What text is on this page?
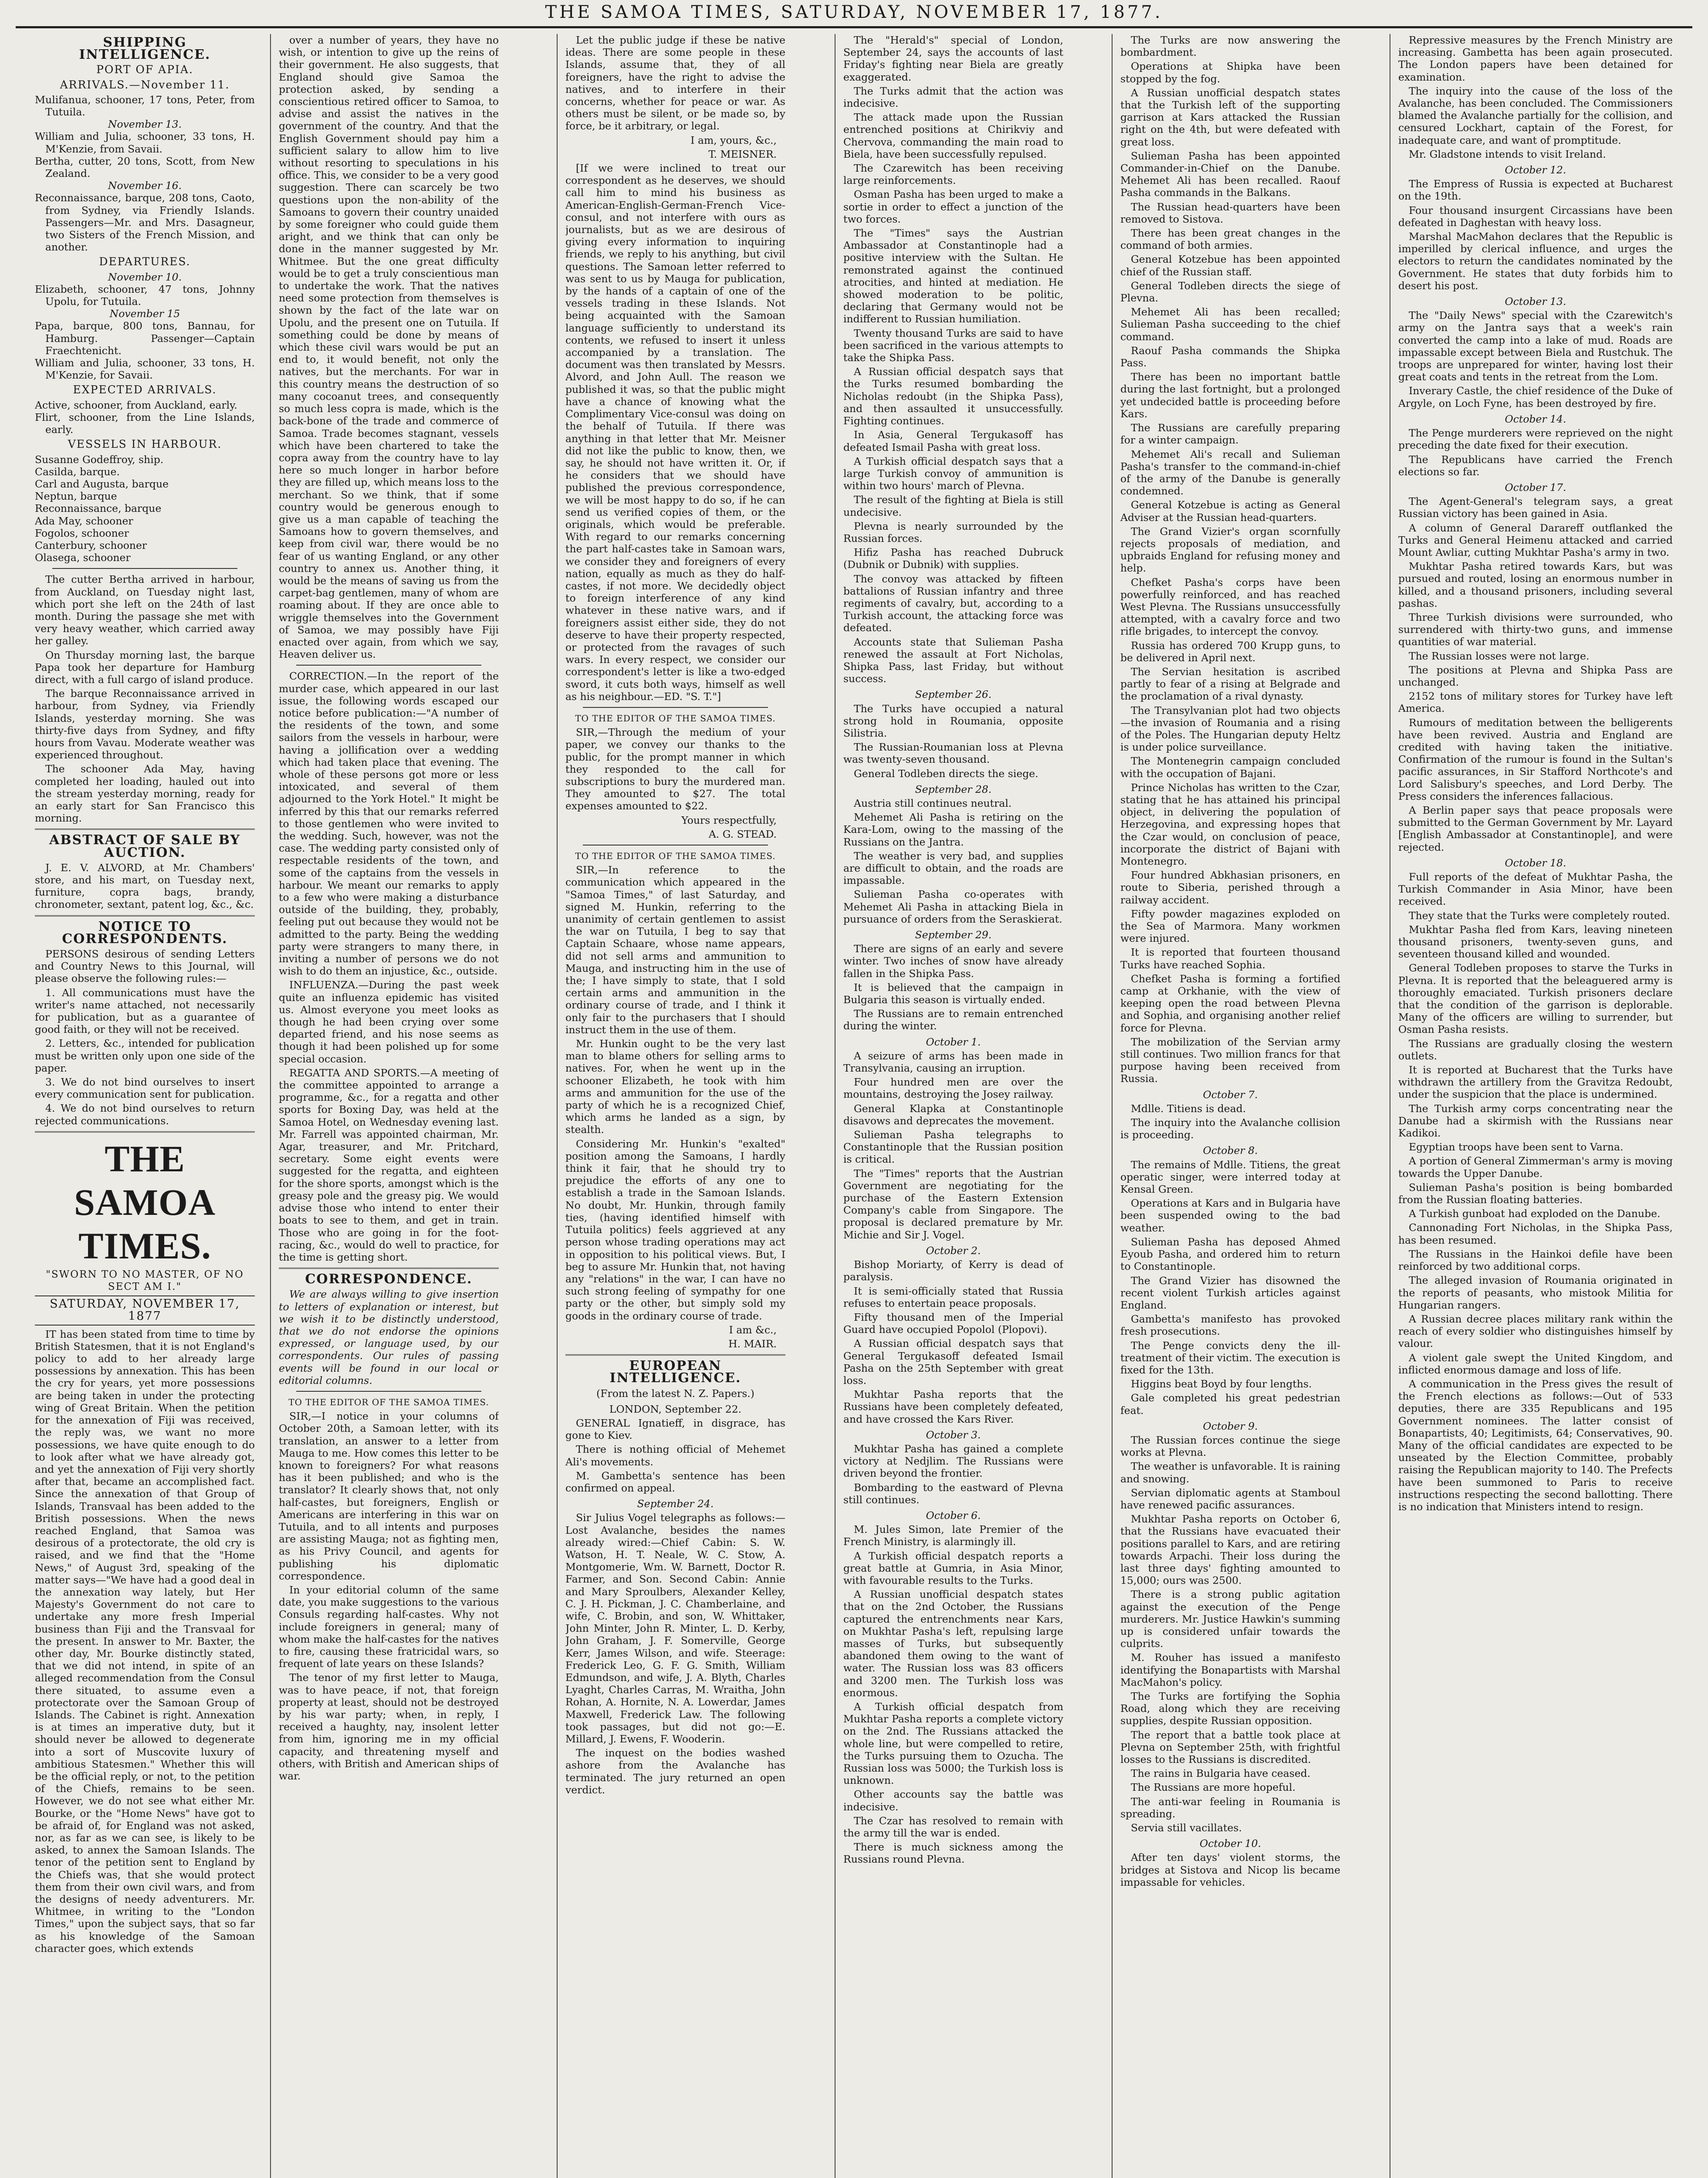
THE SAMOA TIMES, SATURDAY, NOVEMBER 17, 1877.
SHIPPING INTELLIGENCE.
PORT OF APIA.
ARRIVALS.—November 11.
Mulifanua, schooner, 17 tons, Peter, from Tutuila.
November 13.
William and Julia, schooner, 33 tons, H. M'Kenzie, from Savaii.
Bertha, cutter, 20 tons, Scott, from New Zealand.
November 16.
Reconnaissance, barque, 208 tons, Caoto, from Sydney, via Friendly Islands. Passengers—Mr. and Mrs. Dasagneur, two Sisters of the French Mission, and another.
DEPARTURES.
November 10.
Elizabeth, schooner, 47 tons, Johnny Upolu, for Tutuila.
November 15
Papa, barque, 800 tons, Bannau, for Hamburg. Passenger—Captain Fraechtenicht.
William and Julia, schooner, 33 tons, H. M'Kenzie, for Savaii.
EXPECTED ARRIVALS.
Active, schooner, from Auckland, early.
Flirt, schooner, from the Line Islands, early.
VESSELS IN HARBOUR.
Susanne Godeffroy, ship.
Casilda, barque.
Carl and Augusta, barque
Neptun, barque
Reconnaissance, barque
Ada May, schooner
Fogolos, schooner
Canterbury, schooner
Olasega, schooner

The cutter Bertha arrived in harbour, from Auckland, on Tuesday night last, which port she left on the 24th of last month. During the passage she met with very heavy weather, which carried away her galley.

On Thursday morning last, the barque Papa took her departure for Hamburg direct, with a full cargo of island produce.

The barque Reconnaissance arrived in harbour, from Sydney, via Friendly Islands, yesterday morning. She was thirty-five days from Sydney, and fifty hours from Vavau. Moderate weather was experienced throughout.

The schooner Ada May, having completed her loading, hauled out into the stream yesterday morning, ready for an early start for San Francisco this morning.

ABSTRACT OF SALE BY AUCTION.

J. E. V. ALVORD, at Mr. Chambers' store, and his mart, on Tuesday next, furniture, copra bags, brandy, chronometer, sextant, patent log, &c., &c.

NOTICE TO CORRESPONDENTS.

PERSONS desirous of sending Letters and Country News to this Journal, will please observe the following rules:—

1. All communications must have the writer's name attached, not necessarily for publication, but as a guarantee of good faith, or they will not be received.

2. Letters, &c., intended for publication must be written only upon one side of the paper.

3. We do not bind ourselves to insert every communication sent for publication.

4. We do not bind ourselves to return rejected communications.

THE SAMOA TIMES.
"SWORN TO NO MASTER, OF NO SECT AM I."
SATURDAY, NOVEMBER 17, 1877

IT has been stated from time to time by British Statesmen, that it is not England's policy to add to her already large possessions by annexation. This has been the cry for years, yet more possessions are being taken in under the protecting wing of Great Britain. When the petition for the annexation of Fiji was received, the reply was, we want no more possessions, we have quite enough to do to look after what we have already got, and yet the annexation of Fiji very shortly after that, became an accomplished fact. Since the annexation of that Group of Islands, Transvaal has been added to the British possessions. When the news reached England, that Samoa was desirous of a protectorate, the old cry is raised, and we find that the "Home News," of August 3rd, speaking of the matter says—"We have had a good deal in the annexation way lately, but Her Majesty's Government do not care to undertake any more fresh Imperial business than Fiji and the Transvaal for the present. In answer to Mr. Baxter, the other day, Mr. Bourke distinctly stated, that we did not intend, in spite of an alleged recommendation from the Consul there situated, to assume even a protectorate over the Samoan Group of Islands. The Cabinet is right. Annexation is at times an imperative duty, but it should never be allowed to degenerate into a sort of Muscovite luxury of ambitious Statesmen." Whether this will be the official reply, or not, to the petition of the Chiefs, remains to be seen. However, we do not see what either Mr. Bourke, or the "Home News" have got to be afraid of, for England was not asked, nor, as far as we can see, is likely to be asked, to annex the Samoan Islands. The tenor of the petition sent to England by the Chiefs was, that she would protect them from their own civil wars, and from the designs of needy adventurers. Mr. Whitmee, in writing to the "London Times," upon the subject says, that so far as his knowledge of the Samoan character goes, which extends

over a number of years, they have no wish, or intention to give up the reins of their government. He also suggests, that England should give Samoa the protection asked, by sending a conscientious retired officer to Samoa, to advise and assist the natives in the government of the country. And that the English Government should pay him a sufficient salary to allow him to live without resorting to speculations in his office. This, we consider to be a very good suggestion. There can scarcely be two questions upon the non-ability of the Samoans to govern their country unaided by some foreigner who could guide them aright, and we think that can only be done in the manner suggested by Mr. Whitmee. But the one great difficulty would be to get a truly conscientious man to undertake the work. That the natives need some protection from themselves is shown by the fact of the late war on Upolu, and the present one on Tutuila. If something could be done by means of which these civil wars would be put an end to, it would benefit, not only the natives, but the merchants. For war in this country means the destruction of so many cocoanut trees, and consequently so much less copra is made, which is the back-bone of the trade and commerce of Samoa. Trade becomes stagnant, vessels which have been chartered to take the copra away from the country have to lay here so much longer in harbor before they are filled up, which means loss to the merchant. So we think, that if some country would be generous enough to give us a man capable of teaching the Samoans how to govern themselves, and keep from civil war, there would be no fear of us wanting England, or any other country to annex us. Another thing, it would be the means of saving us from the carpet-bag gentlemen, many of whom are roaming about. If they are once able to wriggle themselves into the Government of Samoa, we may possibly have Fiji enacted over again, from which we say, Heaven deliver us.

CORRECTION.—In the report of the murder case, which appeared in our last issue, the following words escaped our notice before publication:—"A number of the residents of the town, and some sailors from the vessels in harbour, were having a jollification over a wedding which had taken place that evening. The whole of these persons got more or less intoxicated, and several of them adjourned to the York Hotel." It might be inferred by this that our remarks referred to those gentlemen who were invited to the wedding. Such, however, was not the case. The wedding party consisted only of respectable residents of the town, and some of the captains from the vessels in harbour. We meant our remarks to apply to a few who were making a disturbance outside of the building, they, probably, feeling put out because they would not be admitted to the party. Being the wedding party were strangers to many there, in inviting a number of persons we do not wish to do them an injustice, &c., outside.

INFLUENZA.—During the past week quite an influenza epidemic has visited us. Almost everyone you meet looks as though he had been crying over some departed friend, and his nose seems as though it had been polished up for some special occasion.

REGATTA AND SPORTS.—A meeting of the committee appointed to arrange a programme, &c., for a regatta and other sports for Boxing Day, was held at the Samoa Hotel, on Wednesday evening last. Mr. Farrell was appointed chairman, Mr. Agar, treasurer, and Mr. Pritchard, secretary. Some eight events were suggested for the regatta, and eighteen for the shore sports, amongst which is the greasy pole and the greasy pig. We would advise those who intend to enter their boats to see to them, and get in train. Those who are going in for the foot-racing, &c., would do well to practice, for the time is getting short.

CORRESPONDENCE.

We are always willing to give insertion to letters of explanation or interest, but we wish it to be distinctly understood, that we do not endorse the opinions expressed, or language used, by our correspondents. Our rules of passing events will be found in our local or editorial columns.

TO THE EDITOR OF THE SAMOA TIMES.

SIR,—I notice in your columns of October 20th, a Samoan letter, with its translation, an answer to a letter from Mauga to me. How comes this letter to be known to foreigners? For what reasons has it been published; and who is the translator? It clearly shows that, not only half-castes, but foreigners, English or Americans are interfering in this war on Tutuila, and to all intents and purposes are assisting Mauga; not as fighting men, as his Privy Council, and agents for publishing his diplomatic correspondence.

In your editorial column of the same date, you make suggestions to the various Consuls regarding half-castes. Why not include foreigners in general; many of whom make the half-castes for the natives to fire, causing these fratricidal wars, so frequent of late years on these Islands?

The tenor of my first letter to Mauga, was to have peace, if not, that foreign property at least, should not be destroyed by his war party; when, in reply, I received a haughty, nay, insolent letter from him, ignoring me in my official capacity, and threatening myself and others, with British and American ships of war.

Let the public judge if these be native ideas. There are some people in these Islands, assume that, they of all foreigners, have the right to advise the natives, and to interfere in their concerns, whether for peace or war. As others must be silent, or be made so, by force, be it arbitrary, or legal.

I am, yours, &c.,
T. MEISNER.

[If we were inclined to treat our correspondent as he deserves, we should call him to mind his business as American-English-German-French Vice-consul, and not interfere with ours as journalists, but as we are desirous of giving every information to inquiring friends, we reply to his anything, but civil questions. The Samoan letter referred to was sent to us by Mauga for publication, by the hands of a captain of one of the vessels trading in these Islands. Not being acquainted with the Samoan language sufficiently to understand its contents, we refused to insert it unless accompanied by a translation. The document was then translated by Messrs. Alvord, and John Aull. The reason we published it was, so that the public might have a chance of knowing what the Complimentary Vice-consul was doing on the behalf of Tutuila. If there was anything in that letter that Mr. Meisner did not like the public to know, then, we say, he should not have written it. Or, if he considers that we should have published the previous correspondence, we will be most happy to do so, if he can send us verified copies of them, or the originals, which would be preferable. With regard to our remarks concerning the part half-castes take in Samoan wars, we consider they and foreigners of every nation, equally as much as they do half-castes, if not more. We decidedly object to foreign interference of any kind whatever in these native wars, and if foreigners assist either side, they do not deserve to have their property respected, or protected from the ravages of such wars. In every respect, we consider our correspondent's letter is like a two-edged sword, it cuts both ways, himself as well as his neighbour.—ED. "S. T."]

TO THE EDITOR OF THE SAMOA TIMES.

SIR,—Through the medium of your paper, we convey our thanks to the public, for the prompt manner in which they responded to the call for subscriptions to bury the murdered man. They amounted to $27. The total expenses amounted to $22.

Yours respectfully,
A. G. STEAD.
TO THE EDITOR OF THE SAMOA TIMES.

SIR,—In reference to the communication which appeared in the "Samoa Times," of last Saturday, and signed M. Hunkin, referring to the unanimity of certain gentlemen to assist the war on Tutuila, I beg to say that Captain Schaare, whose name appears, did not sell arms and ammunition to Mauga, and instructing him in the use of the; I have simply to state, that I sold certain arms and ammunition in the ordinary course of trade, and I think it only fair to the purchasers that I should instruct them in the use of them.

Mr. Hunkin ought to be the very last man to blame others for selling arms to natives. For, when he went up in the schooner Elizabeth, he took with him arms and ammunition for the use of the party of which he is a recognized Chief, which arms he landed as a sign, by stealth.

Considering Mr. Hunkin's "exalted" position among the Samoans, I hardly think it fair, that he should try to prejudice the efforts of any one to establish a trade in the Samoan Islands. No doubt, Mr. Hunkin, through family ties, (having identified himself with Tutuila politics) feels aggrieved at any person whose trading operations may act in opposition to his political views. But, I beg to assure Mr. Hunkin that, not having any "relations" in the war, I can have no such strong feeling of sympathy for one party or the other, but simply sold my goods in the ordinary course of trade.

I am &c.,
H. MAIR.
EUROPEAN INTELLIGENCE.
(From the latest N. Z. Papers.)
LONDON, September 22.

GENERAL Ignatieff, in disgrace, has gone to Kiev.

There is nothing official of Mehemet Ali's movements.

M. Gambetta's sentence has been confirmed on appeal.

September 24.

Sir Julius Vogel telegraphs as follows:—Lost Avalanche, besides the names already wired:—Chief Cabin: S. W. Watson, H. T. Neale, W. C. Stow, A. Montgomerie, Wm. W. Barnett, Doctor R. Farmer, and Son. Second Cabin: Annie and Mary Sproulbers, Alexander Kelley, C. J. H. Pickman, J. C. Chamberlaine, and wife, C. Brobin, and son, W. Whittaker, John Minter, John R. Minter, L. D. Kerby, John Graham, J. F. Somerville, George Kerr, James Wilson, and wife. Steerage: Frederick Leo, G. F. G. Smith, William Edmundson, and wife, J. A. Blyth, Charles Lyaght, Charles Carras, M. Wraitha, John Rohan, A. Hornite, N. A. Lowerdar, James Maxwell, Frederick Law. The following took passages, but did not go:—E. Millard, J. Ewens, F. Wooderin.

The inquest on the bodies washed ashore from the Avalanche has terminated. The jury returned an open verdict.

The "Herald's" special of London, September 24, says the accounts of last Friday's fighting near Biela are greatly exaggerated.

The Turks admit that the action was indecisive.

The attack made upon the Russian entrenched positions at Chirikviy and Chervova, commanding the main road to Biela, have been successfully repulsed.

The Czarewitch has been receiving large reinforcements.

Osman Pasha has been urged to make a sortie in order to effect a junction of the two forces.

The "Times" says the Austrian Ambassador at Constantinople had a positive interview with the Sultan. He remonstrated against the continued atrocities, and hinted at mediation. He showed moderation to be politic, declaring that Germany would not be indifferent to Russian humiliation.

Twenty thousand Turks are said to have been sacrificed in the various attempts to take the Shipka Pass.

A Russian official despatch says that the Turks resumed bombarding the Nicholas redoubt (in the Shipka Pass), and then assaulted it unsuccessfully. Fighting continues.

In Asia, General Tergukasoff has defeated Ismail Pasha with great loss.

A Turkish official despatch says that a large Turkish convoy of ammunition is within two hours' march of Plevna.

The result of the fighting at Biela is still undecisive.

Plevna is nearly surrounded by the Russian forces.

Hifiz Pasha has reached Dubruck (Dubnik or Dubnik) with supplies.

The convoy was attacked by fifteen battalions of Russian infantry and three regiments of cavalry, but, according to a Turkish account, the attacking force was defeated.

Accounts state that Sulieman Pasha renewed the assault at Fort Nicholas, Shipka Pass, last Friday, but without success.

September 26.

The Turks have occupied a natural strong hold in Roumania, opposite Silistria.

The Russian-Roumanian loss at Plevna was twenty-seven thousand.

General Todleben directs the siege.

September 28.

Austria still continues neutral.

Mehemet Ali Pasha is retiring on the Kara-Lom, owing to the massing of the Russians on the Jantra.

The weather is very bad, and supplies are difficult to obtain, and the roads are impassable.

Sulieman Pasha co-operates with Mehemet Ali Pasha in attacking Biela in pursuance of orders from the Seraskierat.

September 29.

There are signs of an early and severe winter. Two inches of snow have already fallen in the Shipka Pass.

It is believed that the campaign in Bulgaria this season is virtually ended.

The Russians are to remain entrenched during the winter.

October 1.

A seizure of arms has been made in Transylvania, causing an irruption.

Four hundred men are over the mountains, destroying the Josey railway.

General Klapka at Constantinople disavows and deprecates the movement.

Sulieman Pasha telegraphs to Constantinople that the Russian position is critical.

The "Times" reports that the Austrian Government are negotiating for the purchase of the Eastern Extension Company's cable from Singapore. The proposal is declared premature by Mr. Michie and Sir J. Vogel.

October 2.

Bishop Moriarty, of Kerry is dead of paralysis.

It is semi-officially stated that Russia refuses to entertain peace proposals.

Fifty thousand men of the Imperial Guard have occupied Popolol (Plopovi).

A Russian official despatch says that General Tergukasoff defeated Ismail Pasha on the 25th September with great loss.

Mukhtar Pasha reports that the Russians have been completely defeated, and have crossed the Kars River.

October 3.

Mukhtar Pasha has gained a complete victory at Nedjlim. The Russians were driven beyond the frontier.

Bombarding to the eastward of Plevna still continues.

October 6.

M. Jules Simon, late Premier of the French Ministry, is alarmingly ill.

A Turkish official despatch reports a great battle at Gumria, in Asia Minor, with favourable results to the Turks.

A Russian unofficial despatch states that on the 2nd October, the Russians captured the entrenchments near Kars, on Mukhtar Pasha's left, repulsing large masses of Turks, but subsequently abandoned them owing to the want of water. The Russian loss was 83 officers and 3200 men. The Turkish loss was enormous.

A Turkish official despatch from Mukhtar Pasha reports a complete victory on the 2nd. The Russians attacked the whole line, but were compelled to retire, the Turks pursuing them to Ozucha. The Russian loss was 5000; the Turkish loss is unknown.

Other accounts say the battle was indecisive.

The Czar has resolved to remain with the army till the war is ended.

There is much sickness among the Russians round Plevna.

The Turks are now answering the bombardment.

Operations at Shipka have been stopped by the fog.

A Russian unofficial despatch states that the Turkish left of the supporting garrison at Kars attacked the Russian right on the 4th, but were defeated with great loss.

Sulieman Pasha has been appointed Commander-in-Chief on the Danube. Mehemet Ali has been recalled. Raouf Pasha commands in the Balkans.

The Russian head-quarters have been removed to Sistova.

There has been great changes in the command of both armies.

General Kotzebue has been appointed chief of the Russian staff.

General Todleben directs the siege of Plevna.

Mehemet Ali has been recalled; Sulieman Pasha succeeding to the chief command.

Raouf Pasha commands the Shipka Pass.

There has been no important battle during the last fortnight, but a prolonged yet undecided battle is proceeding before Kars.

The Russians are carefully preparing for a winter campaign.

Mehemet Ali's recall and Sulieman Pasha's transfer to the command-in-chief of the army of the Danube is generally condemned.

General Kotzebue is acting as General Adviser at the Russian head-quarters.

The Grand Vizier's organ scornfully rejects proposals of mediation, and upbraids England for refusing money and help.

Chefket Pasha's corps have been powerfully reinforced, and has reached West Plevna. The Russians unsuccessfully attempted, with a cavalry force and two rifle brigades, to intercept the convoy.

Russia has ordered 700 Krupp guns, to be delivered in April next.

The Servian hesitation is ascribed partly to fear of a rising at Belgrade and the proclamation of a rival dynasty.

The Transylvanian plot had two objects—the invasion of Roumania and a rising of the Poles. The Hungarian deputy Heltz is under police surveillance.

The Montenegrin campaign concluded with the occupation of Bajani.

Prince Nicholas has written to the Czar, stating that he has attained his principal object, in delivering the population of Herzegovina, and expressing hopes that the Czar would, on conclusion of peace, incorporate the district of Bajani with Montenegro.

Four hundred Abkhasian prisoners, en route to Siberia, perished through a railway accident.

Fifty powder magazines exploded on the Sea of Marmora. Many workmen were injured.

It is reported that fourteen thousand Turks have reached Sophia.

Chefket Pasha is forming a fortified camp at Orkhanie, with the view of keeping open the road between Plevna and Sophia, and organising another relief force for Plevna.

The mobilization of the Servian army still continues. Two million francs for that purpose having been received from Russia.

October 7.

Mdlle. Titiens is dead.

The inquiry into the Avalanche collision is proceeding.

October 8.

The remains of Mdlle. Titiens, the great operatic singer, were interred today at Kensal Green.

Operations at Kars and in Bulgaria have been suspended owing to the bad weather.

Sulieman Pasha has deposed Ahmed Eyoub Pasha, and ordered him to return to Constantinople.

The Grand Vizier has disowned the recent violent Turkish articles against England.

Gambetta's manifesto has provoked fresh prosecutions.

The Penge convicts deny the ill-treatment of their victim. The execution is fixed for the 13th.

Higgins beat Boyd by four lengths.

Gale completed his great pedestrian feat.

October 9.

The Russian forces continue the siege works at Plevna.

The weather is unfavorable. It is raining and snowing.

Servian diplomatic agents at Stamboul have renewed pacific assurances.

Mukhtar Pasha reports on October 6, that the Russians have evacuated their positions parallel to Kars, and are retiring towards Arpachi. Their loss during the last three days' fighting amounted to 15,000; ours was 2500.

There is a strong public agitation against the execution of the Penge murderers. Mr. Justice Hawkin's summing up is considered unfair towards the culprits.

M. Rouher has issued a manifesto identifying the Bonapartists with Marshal MacMahon's policy.

The Turks are fortifying the Sophia Road, along which they are receiving supplies, despite Russian opposition.

The report that a battle took place at Plevna on September 25th, with frightful losses to the Russians is discredited.

The rains in Bulgaria have ceased.

The Russians are more hopeful.

The anti-war feeling in Roumania is spreading.

Servia still vacillates.

October 10.

After ten days' violent storms, the bridges at Sistova and Nicop lis became impassable for vehicles.

Repressive measures by the French Ministry are increasing. Gambetta has been again prosecuted. The London papers have been detained for examination.

The inquiry into the cause of the loss of the Avalanche, has been concluded. The Commissioners blamed the Avalanche partially for the collision, and censured Lockhart, captain of the Forest, for inadequate care, and want of promptitude.

Mr. Gladstone intends to visit Ireland.

October 12.

The Empress of Russia is expected at Bucharest on the 19th.

Four thousand insurgent Circassians have been defeated in Daghestan with heavy loss.

Marshal MacMahon declares that the Republic is imperilled by clerical influence, and urges the electors to return the candidates nominated by the Government. He states that duty forbids him to desert his post.

October 13.

The "Daily News" special with the Czarewitch's army on the Jantra says that a week's rain converted the camp into a lake of mud. Roads are impassable except between Biela and Rustchuk. The troops are unprepared for winter, having lost their great coats and tents in the retreat from the Lom.

Inverary Castle, the chief residence of the Duke of Argyle, on Loch Fyne, has been destroyed by fire.

October 14.

The Penge murderers were reprieved on the night preceding the date fixed for their execution.

The Republicans have carried the French elections so far.

October 17.

The Agent-General's telegram says, a great Russian victory has been gained in Asia.

A column of General Darareff outflanked the Turks and General Heimenu attacked and carried Mount Awliar, cutting Mukhtar Pasha's army in two.

Mukhtar Pasha retired towards Kars, but was pursued and routed, losing an enormous number in killed, and a thousand prisoners, including several pashas.

Three Turkish divisions were surrounded, who surrendered with thirty-two guns, and immense quantities of war material.

The Russian losses were not large.

The positions at Plevna and Shipka Pass are unchanged.

2152 tons of military stores for Turkey have left America.

Rumours of meditation between the belligerents have been revived. Austria and England are credited with having taken the initiative. Confirmation of the rumour is found in the Sultan's pacific assurances, in Sir Stafford Northcote's and Lord Salisbury's speeches, and Lord Derby. The Press considers the inferences fallacious.

A Berlin paper says that peace proposals were submitted to the German Government by Mr. Layard [English Ambassador at Constantinople], and were rejected.

October 18.

Full reports of the defeat of Mukhtar Pasha, the Turkish Commander in Asia Minor, have been received.

They state that the Turks were completely routed.

Mukhtar Pasha fled from Kars, leaving nineteen thousand prisoners, twenty-seven guns, and seventeen thousand killed and wounded.

General Todleben proposes to starve the Turks in Plevna. It is reported that the beleaguered army is thoroughly emaciated. Turkish prisoners declare that the condition of the garrison is deplorable. Many of the officers are willing to surrender, but Osman Pasha resists.

The Russians are gradually closing the western outlets.

It is reported at Bucharest that the Turks have withdrawn the artillery from the Gravitza Redoubt, under the suspicion that the place is undermined.

The Turkish army corps concentrating near the Danube had a skirmish with the Russians near Kadikoi.

Egyptian troops have been sent to Varna.

A portion of General Zimmerman's army is moving towards the Upper Danube.

Sulieman Pasha's position is being bombarded from the Russian floating batteries.

A Turkish gunboat had exploded on the Danube.

Cannonading Fort Nicholas, in the Shipka Pass, has been resumed.

The Russians in the Hainkoi defile have been reinforced by two additional corps.

The alleged invasion of Roumania originated in the reports of peasants, who mistook Militia for Hungarian rangers.

A Russian decree places military rank within the reach of every soldier who distinguishes himself by valour.

A violent gale swept the United Kingdom, and inflicted enormous damage and loss of life.

A communication in the Press gives the result of the French elections as follows:—Out of 533 deputies, there are 335 Republicans and 195 Government nominees. The latter consist of Bonapartists, 40; Legitimists, 64; Conservatives, 90. Many of the official candidates are expected to be unseated by the Election Committee, probably raising the Republican majority to 140. The Prefects have been summoned to Paris to receive instructions respecting the second ballotting. There is no indication that Ministers intend to resign.
